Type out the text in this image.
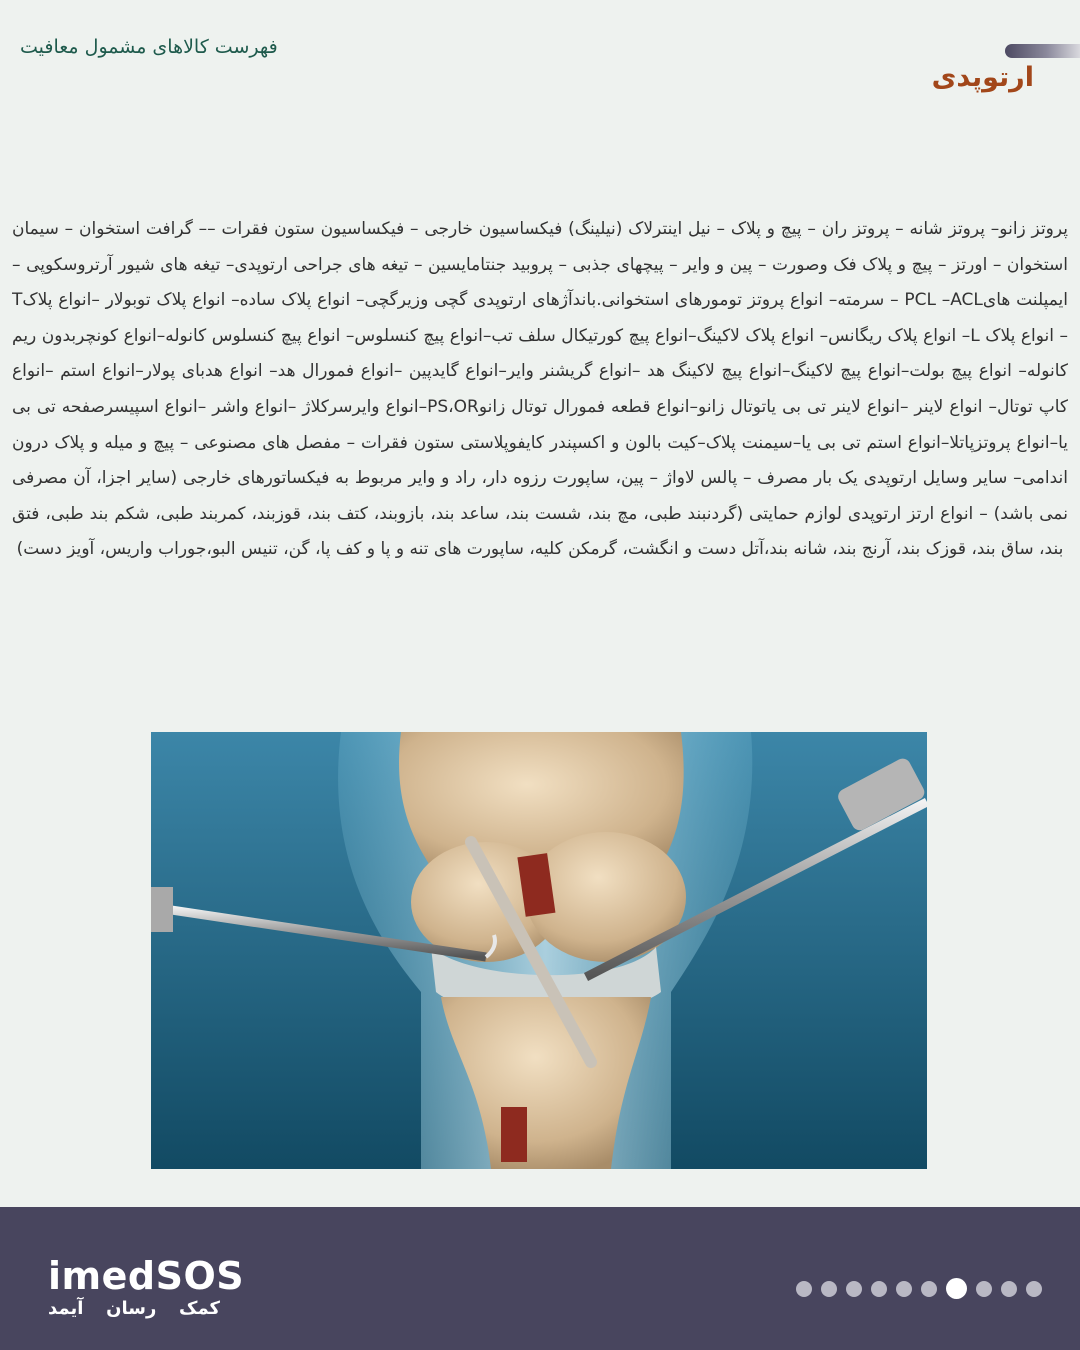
فهرست کالاهای مشمول معافیت
ارتوپدی
پروتز زانو– پروتز شانه – پروتز ران – پیچ و پلاک – نیل اینترلاک (نیلینگ) فیکساسیون خارجی – فیکساسیون ستون فقرات –– گرافت استخوان – سیمان استخوان – اورتز – پیچ و پلاک فک وصورت – پین و وایر – پیچهای جذبی – پروبید جنتامایسین – تیغه های جراحی ارتوپدی– تیغه های شیور آرتروسکوپی – ایمپلنت هایPCL –ACL – سرمته– انواع پروتز تومورهای استخوانی.باندآژهای ارتوپدی گچی وزیرگچی– انواع پلاک ساده– انواع پلاک توبولار –انواع پلاکT – انواع پلاک L– انواع پلاک ریگانس– انواع پلاک لاکینگ–انواع پیچ کورتیکال سلف تب–انواع پیچ کنسلوس– انواع پیچ کنسلوس کانوله–انواع کونچربدون ریم کانوله– انواع پیچ بولت–انواع پیچ لاکینگ–انواع پیچ لاکینگ هد –انواع گریشنر وایر–انواع گایدپین –انواع فمورال هد– انواع هدبای پولار–انواع استم –انواع کاپ توتال– انواع لاینر –انواع لاینر تی بی یاتوتال زانو–انواع قطعه فمورال توتال زانوPS،OR–انواع وایرسرکلاژ –انواع واشر –انواع اسپیسرصفحه تی بی یا–انواع پروتزپاتلا–انواع استم تی بی یا–سیمنت پلاک–کیت بالون و اکسپندر کایفوپلاستی ستون فقرات – مفصل های مصنوعی – پیچ و میله و پلاک درون اندامی– سایر وسایل ارتوپدی یک بار مصرف – پالس لاواژ – پین، ساپورت رزوه دار، راد و وایر مربوط به فیکساتورهای خارجی (سایر اجزا، آن مصرفی نمی باشد) – انواع ارتز ارتوپدی لوازم حمایتی (گردنبند طبی، مچ بند، شست بند، ساعد بند، بازوبند، کتف بند، قوزبند، کمربند طبی، شکم بند طبی، فتق بند، ساق بند، قوزک بند، آرنج بند، شانه بند،آتل دست و انگشت، گرمکن کلیه، ساپورت های تنه و پا و کف پا، گن، تنیس البو،جوراب واریس، آویز دست)
imedSOS
کمک رسان آیمد
